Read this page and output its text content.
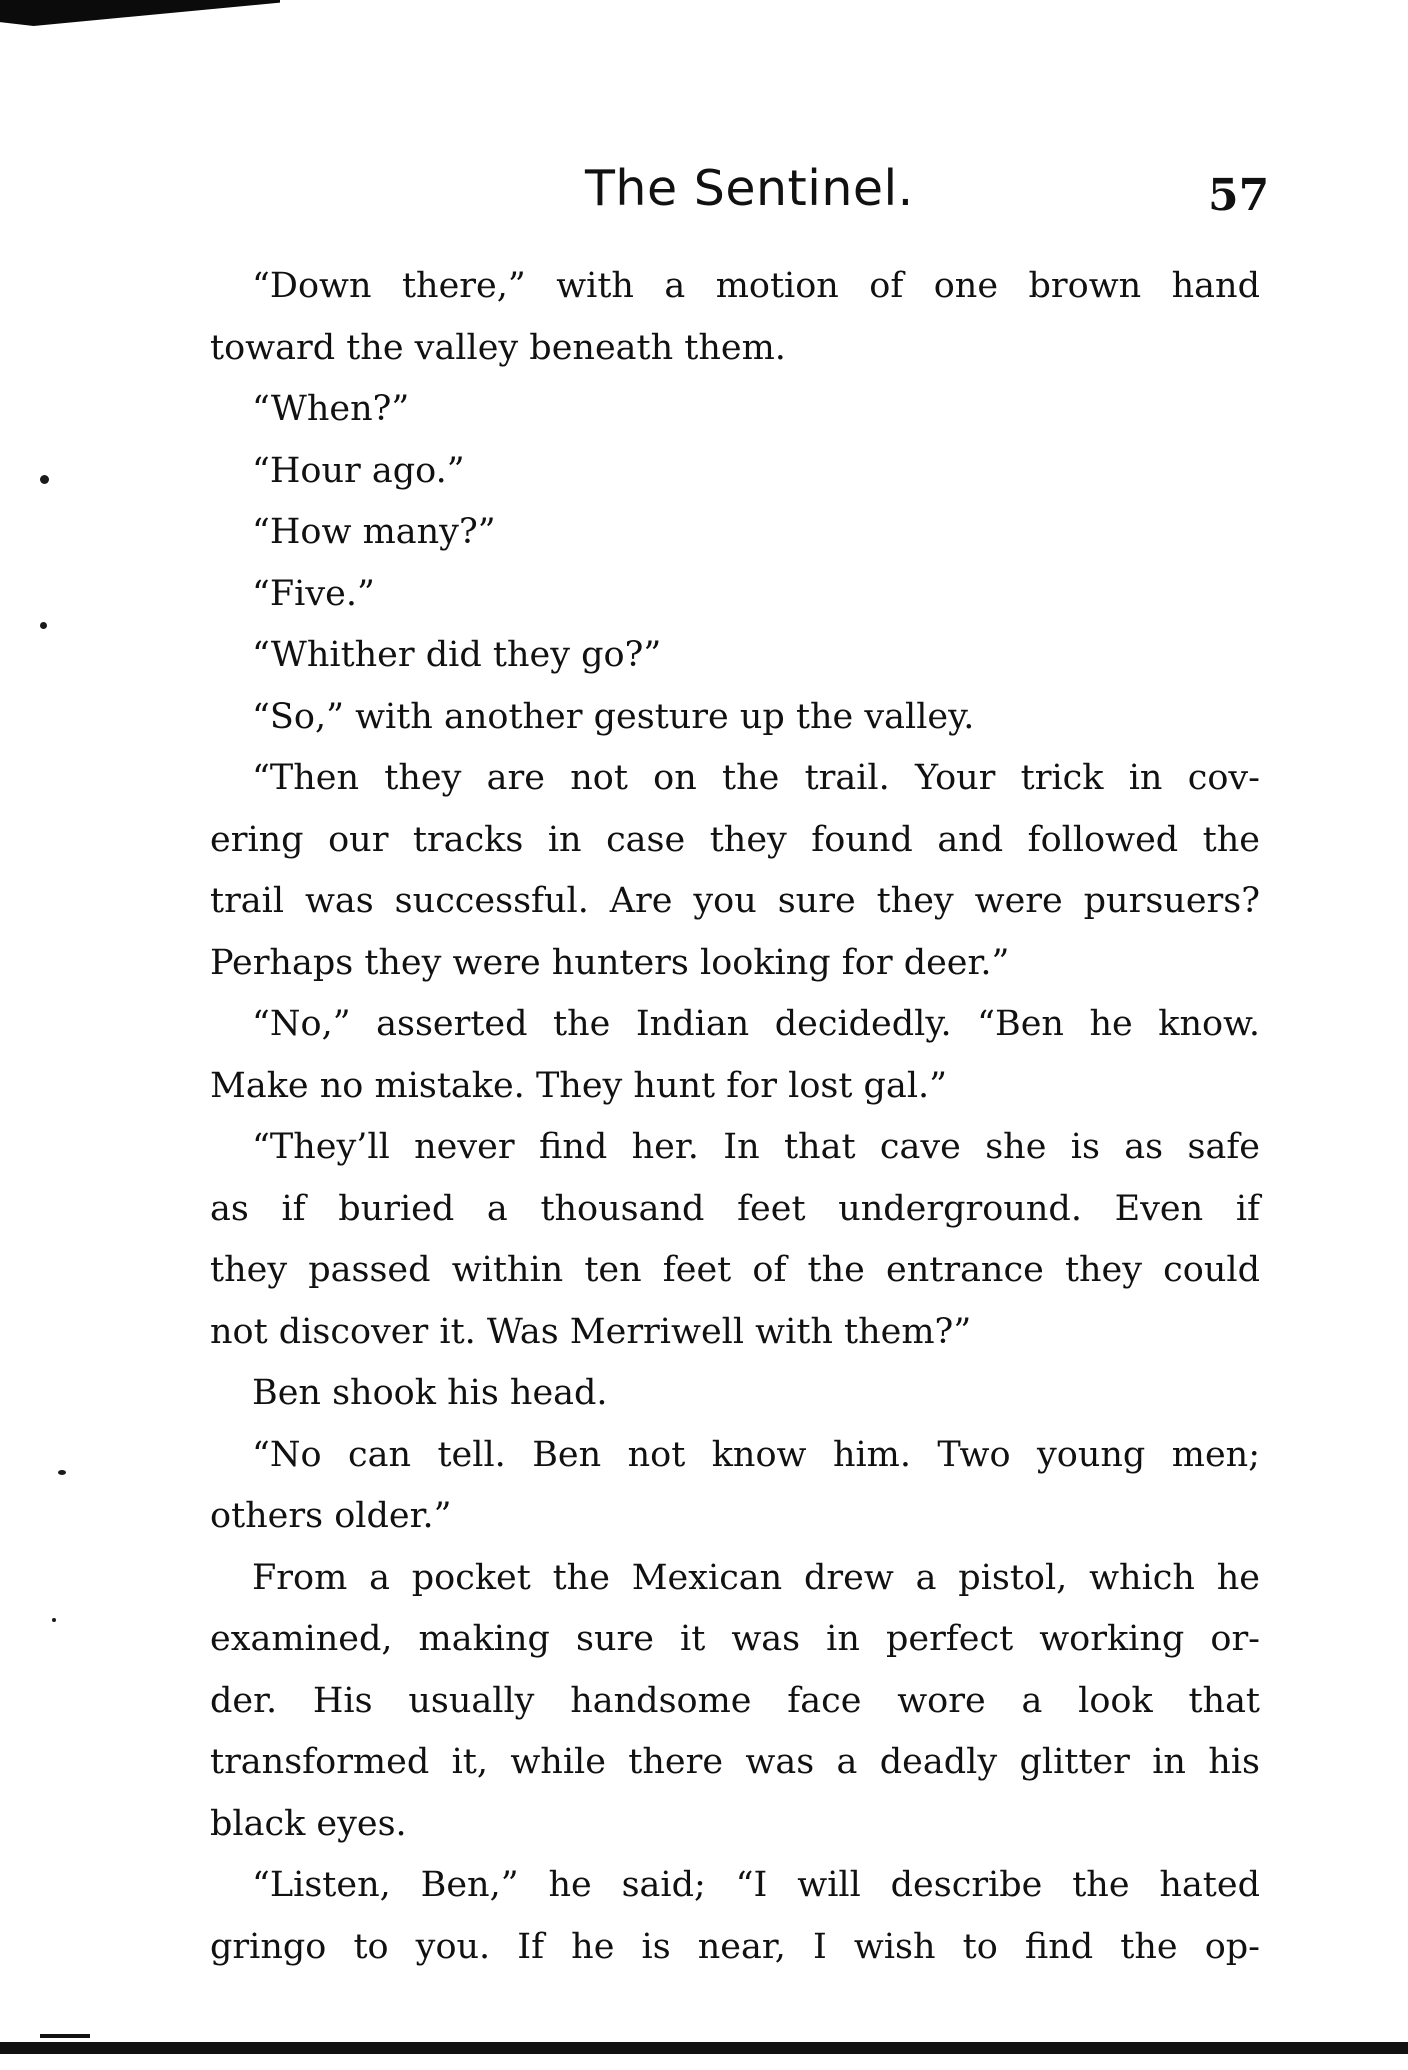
The Sentinel.	57
“Down there,” with a motion of one brown hand
toward the valley beneath them.
“When?”
“Hour ago.”
“How many?”
“Five.”
“Whither did they go?”
“So,” with another gesture up the valley.
“Then they are not on the trail. Your trick in cov-
ering our tracks in case they found and followed the
trail was successful. Are you sure they were pursuers?
Perhaps they were hunters looking for deer.”
“No,” asserted the Indian decidedly. “Ben he know.
Make no mistake. They hunt for lost gal.”
“They’ll never find her. In that cave she is as safe
as if buried a thousand feet underground. Even if
they passed within ten feet of the entrance they could
not discover it. Was Merriwell with them?”
Ben shook his head.
“No can tell. Ben not know him. Two young men;
others older.”
From a pocket the Mexican drew a pistol, which he
examined, making sure it was in perfect working or-
der. His usually handsome face wore a look that
transformed it, while there was a deadly glitter in his
black eyes.
“Listen, Ben,” he said; “I will describe the hated
gringo to you. If he is near, I wish to find the op-
